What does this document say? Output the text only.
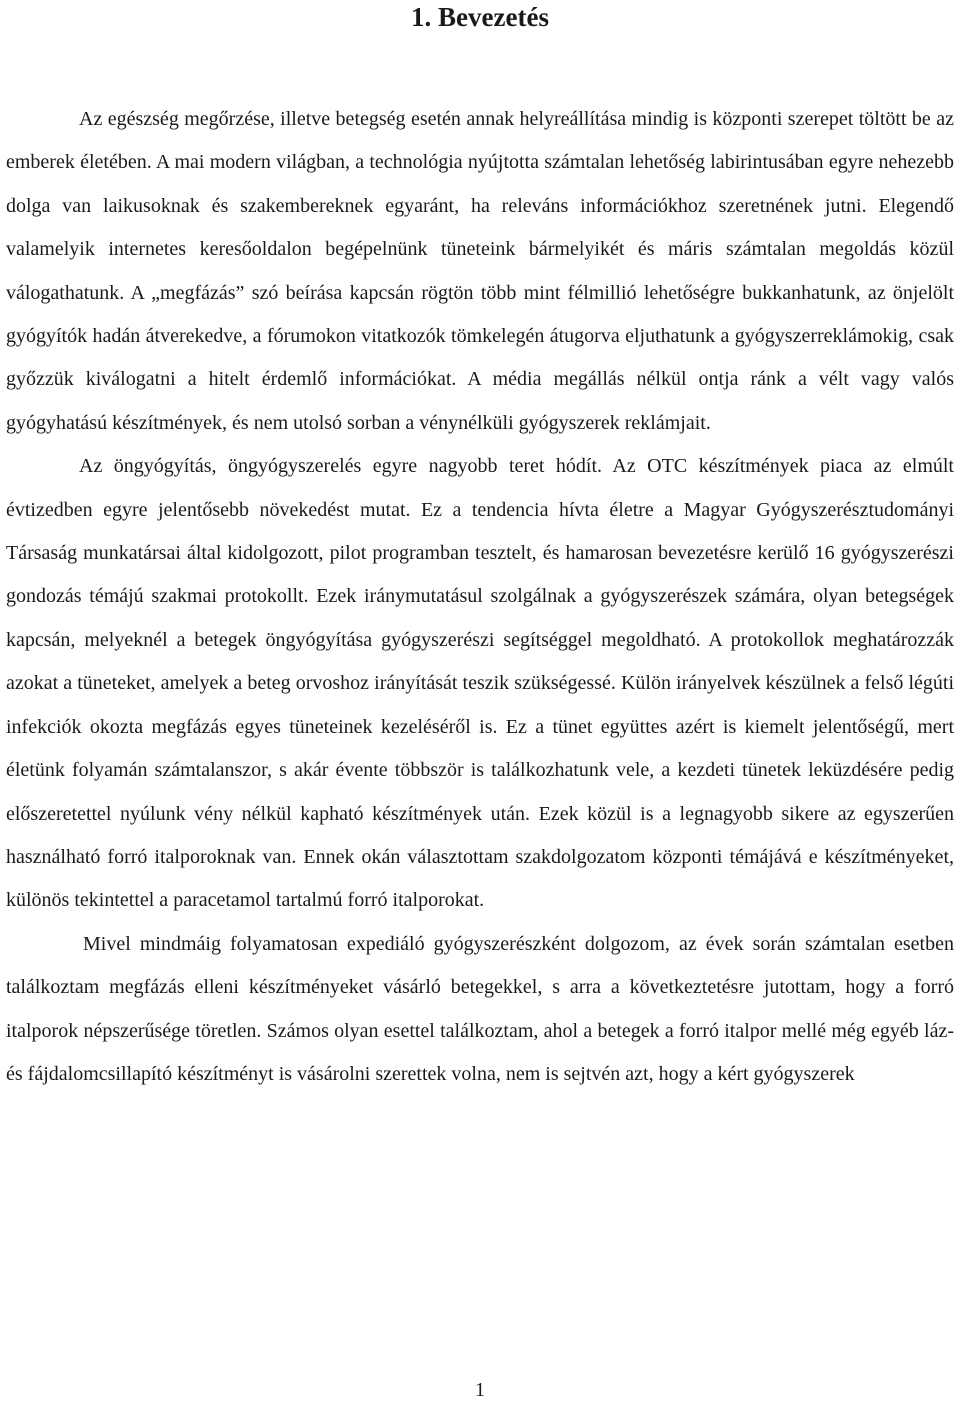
1. Bevezetés

Az egészség megőrzése, illetve betegség esetén annak helyreállítása mindig is központi szerepet töltött be az emberek életében. A mai modern világban, a technológia nyújtotta számtalan lehetőség labirintusában egyre nehezebb dolga van laikusoknak és szakembereknek egyaránt, ha releváns információkhoz szeretnének jutni. Elegendő valamelyik internetes keresőoldalon begépelnünk tüneteink bármelyikét és máris számtalan megoldás közül válogathatunk. A „megfázás” szó beírása kapcsán rögtön több mint félmillió lehetőségre bukkanhatunk, az önjelölt gyógyítók hadán átverekedve, a fórumokon vitatkozók tömkelegén átugorva eljuthatunk a gyógyszerreklámokig, csak győzzük kiválogatni a hitelt érdemlő információkat. A média megállás nélkül ontja ránk a vélt vagy valós gyógyhatású készítmények, és nem utolsó sorban a vénynélküli gyógyszerek reklámjait.

Az öngyógyítás, öngyógyszerelés egyre nagyobb teret hódít. Az OTC készítmények piaca az elmúlt évtizedben egyre jelentősebb növekedést mutat. Ez a tendencia hívta életre a Magyar Gyógyszerésztudományi Társaság munkatársai által kidolgozott, pilot programban tesztelt, és hamarosan bevezetésre kerülő 16 gyógyszerészi gondozás témájú szakmai protokollt. Ezek iránymutatásul szolgálnak a gyógyszerészek számára, olyan betegségek kapcsán, melyeknél a betegek öngyógyítása gyógyszerészi segítséggel megoldható. A protokollok meghatározzák azokat a tüneteket, amelyek a beteg orvoshoz irányítását teszik szükségessé. Külön irányelvek készülnek a felső légúti infekciók okozta megfázás egyes tüneteinek kezeléséről is. Ez a tünet együttes azért is kiemelt jelentőségű, mert életünk folyamán számtalanszor, s akár évente többször is találkozhatunk vele, a kezdeti tünetek leküzdésére pedig előszeretettel nyúlunk vény nélkül kapható készítmények után. Ezek közül is a legnagyobb sikere az egyszerűen használható forró italporoknak van. Ennek okán választottam szakdolgozatom központi témájává e készítményeket, különös tekintettel a paracetamol tartalmú forró italporokat.

Mivel mindmáig folyamatosan expediáló gyógyszerészként dolgozom, az évek során számtalan esetben találkoztam megfázás elleni készítményeket vásárló betegekkel, s arra a következtetésre jutottam, hogy a forró italporok népszerűsége töretlen. Számos olyan esettel találkoztam, ahol a betegek a forró italpor mellé még egyéb láz- és fájdalomcsillapító készítményt is vásárolni szerettek volna, nem is sejtvén azt, hogy a kért gyógyszerek

1
